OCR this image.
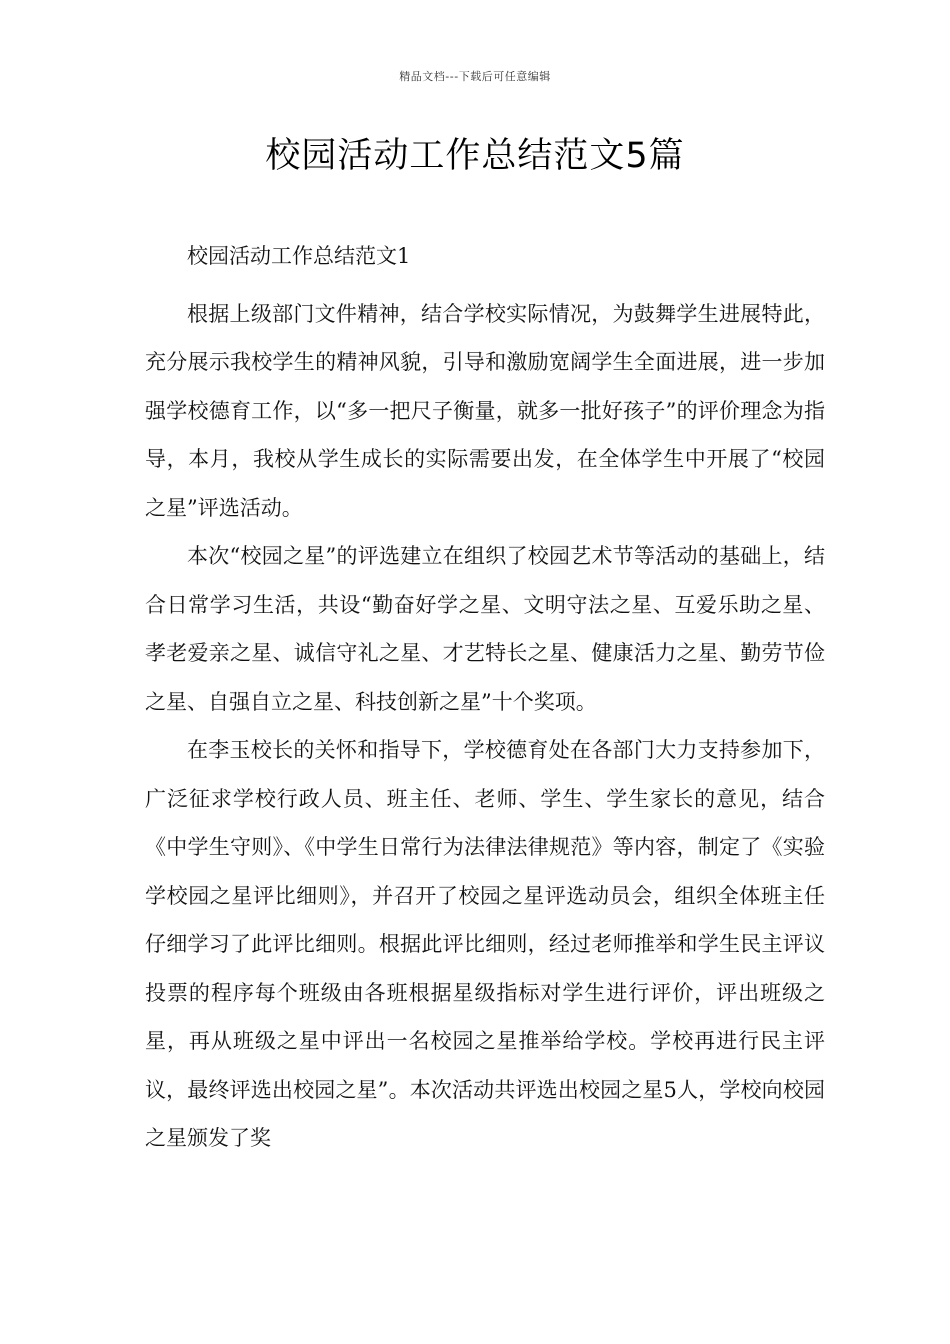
精品文档---下载后可任意编辑
校园活动工作总结范文5篇

校园活动工作总结范文1

根据上级部门文件精神，结合学校实际情况，为鼓舞学生进展特此，充分展示我校学生的精神风貌，引导和激励宽阔学生全面进展，进一步加强学校德育工作，以“多一把尺子衡量，就多一批好孩子”的评价理念为指导，本月，我校从学生成长的实际需要出发，在全体学生中开展了“校园之星”评选活动。

本次“校园之星”的评选建立在组织了校园艺术节等活动的基础上，结合日常学习生活，共设“勤奋好学之星、文明守法之星、互爱乐助之星、孝老爱亲之星、诚信守礼之星、才艺特长之星、健康活力之星、勤劳节俭之星、自强自立之星、科技创新之星”十个奖项。

在李玉校长的关怀和指导下，学校德育处在各部门大力支持参加下，广泛征求学校行政人员、班主任、老师、学生、学生家长的意见，结合《中学生守则》、《中学生日常行为法律法律规范》等内容，制定了《实验学校园之星评比细则》，并召开了校园之星评选动员会，组织全体班主任仔细学习了此评比细则。根据此评比细则，经过老师推举和学生民主评议投票的程序每个班级由各班根据星级指标对学生进行评价，评出班级之星，再从班级之星中评出一名校园之星推举给学校。学校再进行民主评议，最终评选出校园之星”。本次活动共评选出校园之星5人，学校向校园之星颁发了奖
